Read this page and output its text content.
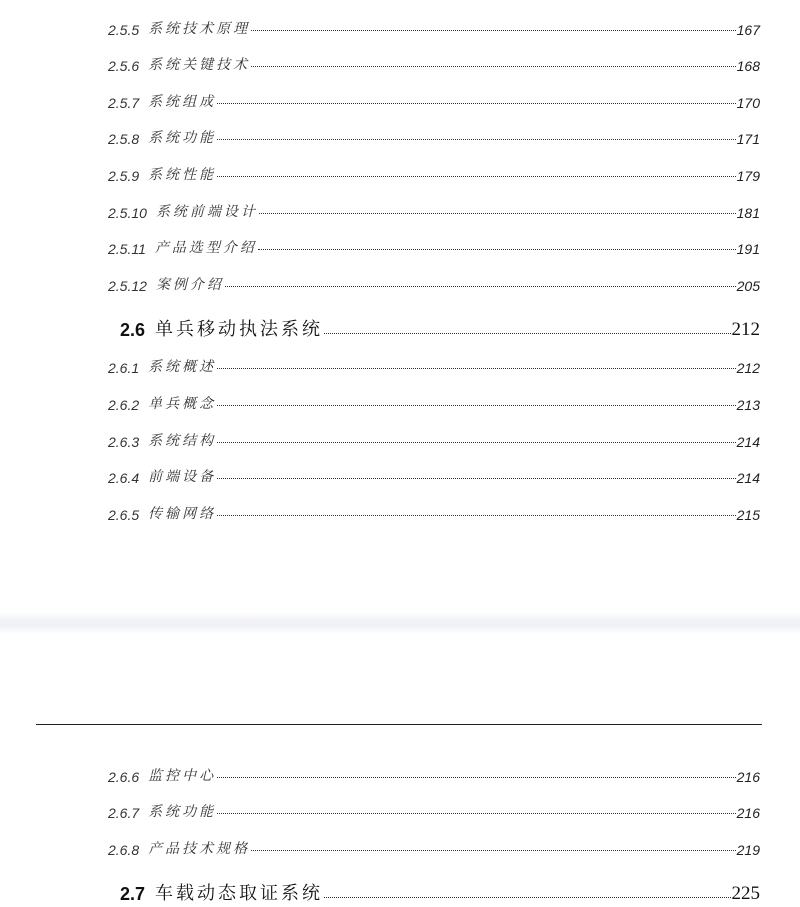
2.5.5 系统技术原理	167
2.5.6 系统关键技术	168
2.5.7 系统组成	170
2.5.8 系统功能	171
2.5.9 系统性能	179
2.5.10 系统前端设计	181
2.5.11 产品选型介绍	191
2.5.12 案例介绍	205
2.6 单兵移动执法系统	212
2.6.1 系统概述	212
2.6.2 单兵概念	213
2.6.3 系统结构	214
2.6.4 前端设备	214
2.6.5 传输网络	215
2.6.6 监控中心	216
2.6.7 系统功能	216
2.6.8 产品技术规格	219
2.7 车载动态取证系统	225
